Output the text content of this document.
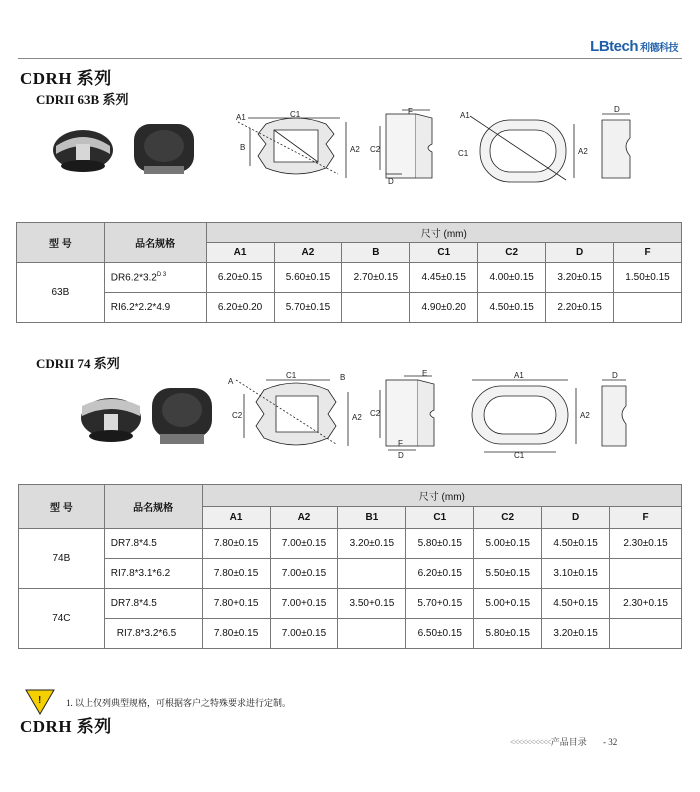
LBtech 利德科技
CDRH 系列
CDRII 63B 系列
A1	C1
B	A2 C2
F
D
A1
C1	A2
D
型 号	品名规格	尺寸 (mm)						
		A1	A2	B	C1	C2	D	F
63B	$DR6.2*3.2^{D 3}$	6.20±0.15	5.60±0.15	2.70±0.15	4.45±0.15	4.00±0.15	3.20±0.15	1.50±0.15
	RI6.2*2.2*4.9	6.20±0.20	5.70±0.15		4.90±0.20	4.50±0.15	2.20±0.15	
CDRII 74 系列
A
C1	B
C2	A2 C2
E
F
D
A1
A2
C1
D
型 号	品名规格	尺寸 (mm)						
		A1	A2	B1	C1	C2	D	F
74B	DR7.8*4.5	7.80±0.15	7.00±0.15	3.20±0.15	5.80±0.15	5.00±0.15	4.50±0.15	2.30±0.15
	RI7.8*3.1*6.2	7.80±0.15	7.00±0.15		6.20±0.15	5.50±0.15	3.10±0.15	
74C	DR7.8*4.5	7.80+0.15	7.00+0.15	3.50+0.15	5.70+0.15	5.00+0.15	4.50+0.15	2.30+0.15
	RI7.8*3.2*6.5	7.80±0.15	7.00±0.15		6.50±0.15	5.80±0.15	3.20±0.15	
!	1. 以上仅列典型规格，可根据客户之特殊要求进行定制。
CDRH 系列
<<<<<<<<<<产品目录 - 32
